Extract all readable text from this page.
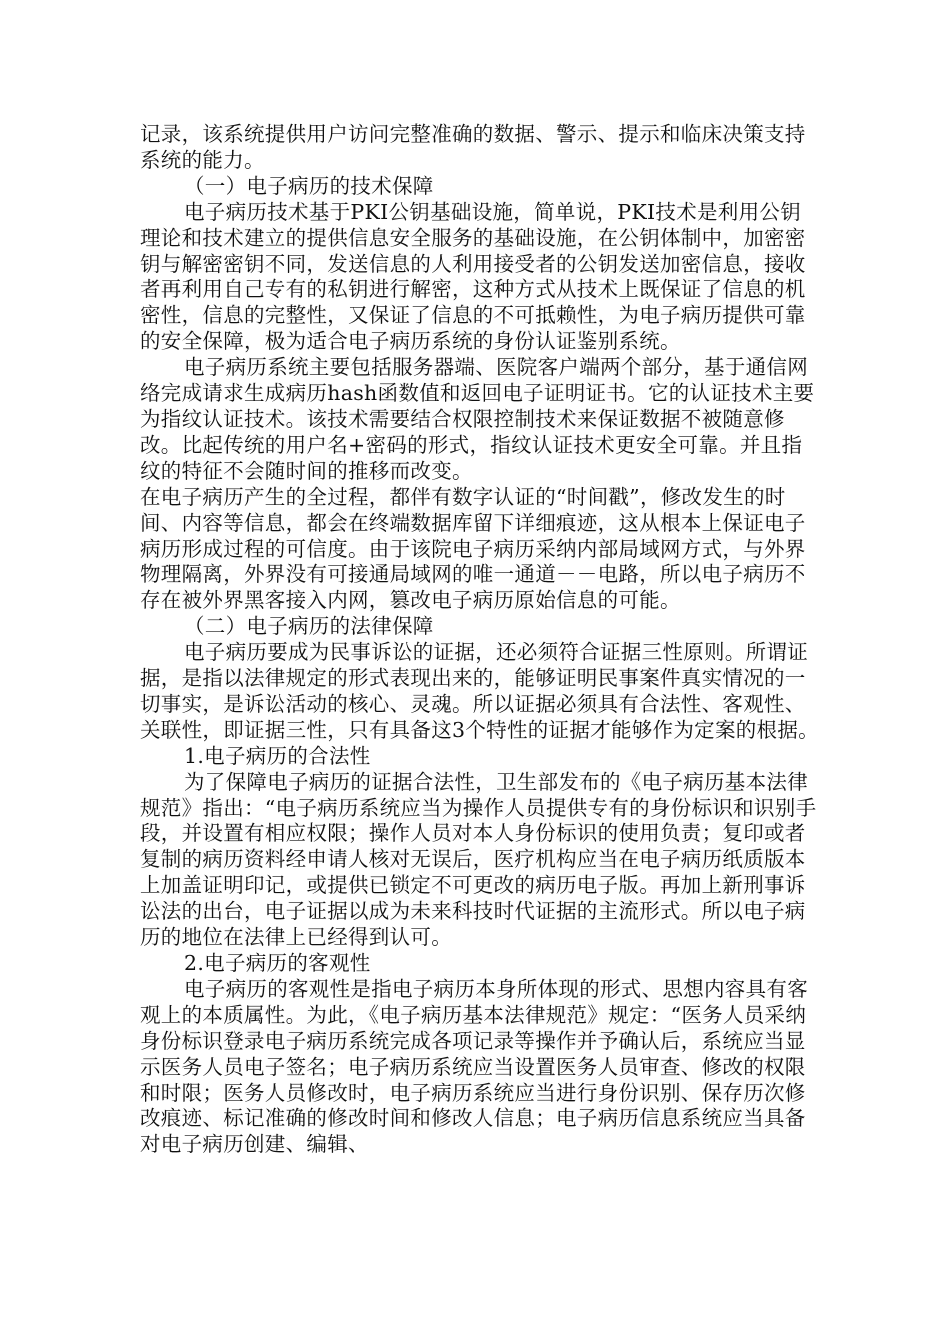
记录，该系统提供用户访问完整准确的数据、警示、提示和临床决策支持系统的能力。

（一）电子病历的技术保障

电子病历技术基于PKI公钥基础设施，简单说，PKI技术是利用公钥理论和技术建立的提供信息安全服务的基础设施，在公钥体制中，加密密钥与解密密钥不同，发送信息的人利用接受者的公钥发送加密信息，接收者再利用自己专有的私钥进行解密，这种方式从技术上既保证了信息的机密性，信息的完整性，又保证了信息的不可抵赖性，为电子病历提供可靠的安全保障，极为适合电子病历系统的身份认证鉴别系统。

电子病历系统主要包括服务器端、医院客户端两个部分，基于通信网络完成请求生成病历hash函数值和返回电子证明证书。它的认证技术主要为指纹认证技术。该技术需要结合权限控制技术来保证数据不被随意修改。比起传统的用户名+密码的形式，指纹认证技术更安全可靠。并且指纹的特征不会随时间的推移而改变。

在电子病历产生的全过程，都伴有数字认证的“时间戳”，修改发生的时间、内容等信息，都会在终端数据库留下详细痕迹，这从根本上保证电子病历形成过程的可信度。由于该院电子病历采纳内部局域网方式，与外界物理隔离，外界没有可接通局域网的唯一通道－－电路，所以电子病历不存在被外界黑客接入内网，篡改电子病历原始信息的可能。

（二）电子病历的法律保障

电子病历要成为民事诉讼的证据，还必须符合证据三性原则。所谓证据，是指以法律规定的形式表现出来的，能够证明民事案件真实情况的一切事实，是诉讼活动的核心、灵魂。所以证据必须具有合法性、客观性、关联性，即证据三性，只有具备这3个特性的证据才能够作为定案的根据。

1.电子病历的合法性

为了保障电子病历的证据合法性，卫生部发布的《电子病历基本法律规范》指出：“电子病历系统应当为操作人员提供专有的身份标识和识别手段，并设置有相应权限；操作人员对本人身份标识的使用负责；复印或者复制的病历资料经申请人核对无误后，医疗机构应当在电子病历纸质版本上加盖证明印记，或提供已锁定不可更改的病历电子版。再加上新刑事诉讼法的出台，电子证据以成为未来科技时代证据的主流形式。所以电子病历的地位在法律上已经得到认可。

2.电子病历的客观性

电子病历的客观性是指电子病历本身所体现的形式、思想内容具有客观上的本质属性。为此，《电子病历基本法律规范》规定：“医务人员采纳身份标识登录电子病历系统完成各项记录等操作并予确认后，系统应当显示医务人员电子签名；电子病历系统应当设置医务人员审查、修改的权限和时限；医务人员修改时，电子病历系统应当进行身份识别、保存历次修改痕迹、标记准确的修改时间和修改人信息；电子病历信息系统应当具备对电子病历创建、编辑、
